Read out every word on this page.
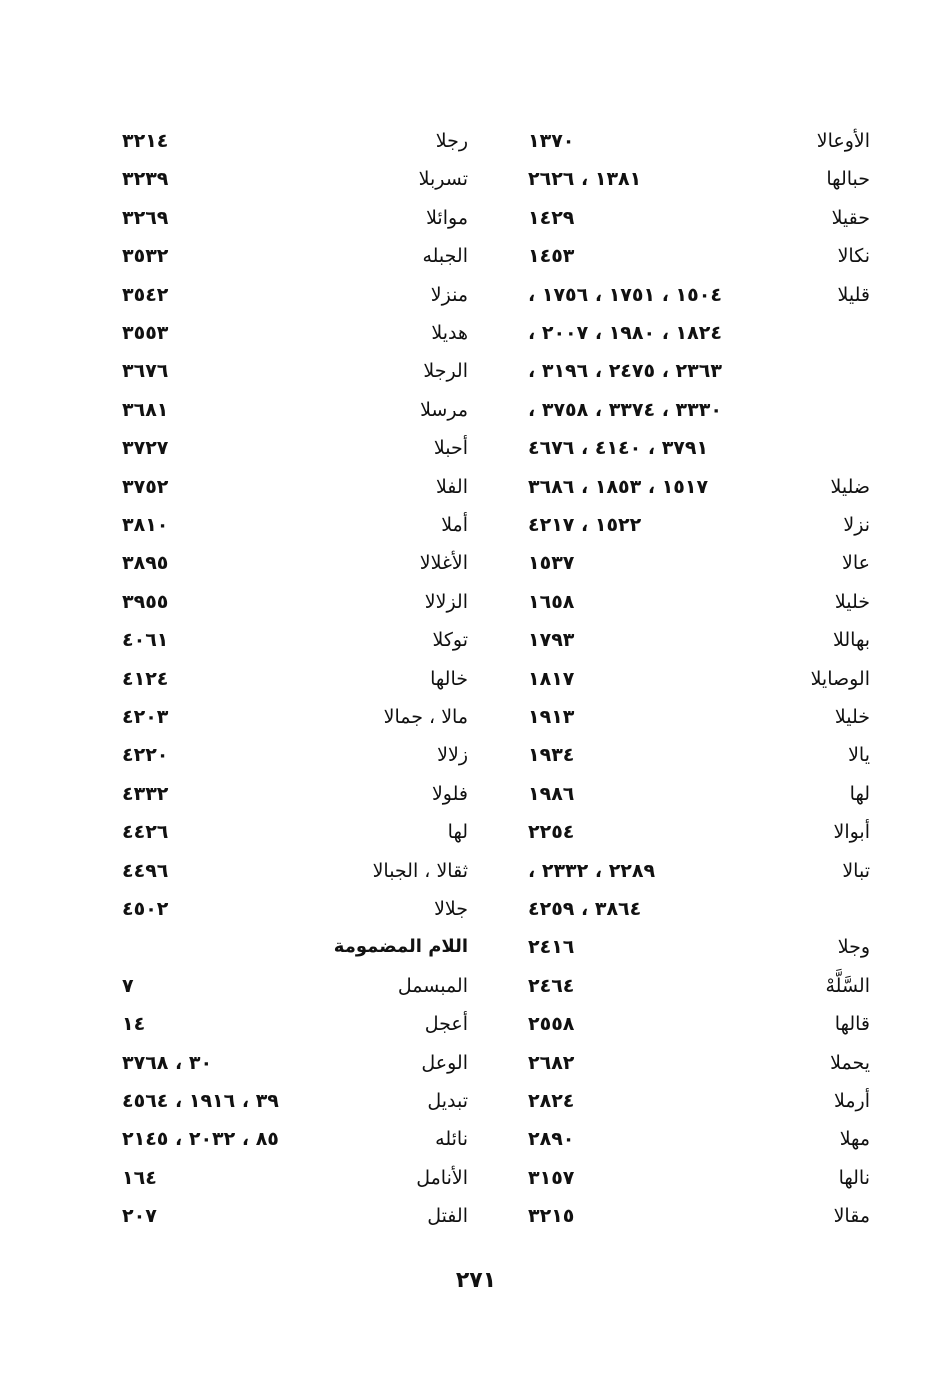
الأوعالا
١٣٧٠
رجلا
٣٢١٤
حبالها
١٣٨١ ، ٢٦٢٦
تسربلا
٣٢٣٩
حقيلا
١٤٢٩
موائلا
٣٢٦٩
نكالا
١٤٥٣
الجبله
٣٥٣٢
قليلا
١٥٠٤ ، ١٧٥١ ، ١٧٥٦ ،
منزلا
٣٥٤٢
١٨٢٤ ، ١٩٨٠ ، ٢٠٠٧ ،
هديلا
٣٥٥٣
٢٣٦٣ ، ٢٤٧٥ ، ٣١٩٦ ،
الرجلا
٣٦٧٦
٣٣٣٠ ، ٣٣٧٤ ، ٣٧٥٨ ،
مرسلا
٣٦٨١
٣٧٩١ ، ٤١٤٠ ، ٤٦٧٦
أحبلا
٣٧٢٧
ضليلا
١٥١٧ ، ١٨٥٣ ، ٣٦٨٦
الفلا
٣٧٥٢
نزلا
١٥٢٢ ، ٤٢١٧
أملا
٣٨١٠
عالا
١٥٣٧
الأغلالا
٣٨٩٥
خليلا
١٦٥٨
الزلالا
٣٩٥٥
بهاللا
١٧٩٣
توكلا
٤٠٦١
الوصايلا
١٨١٧
خالها
٤١٢٤
خليلا
١٩١٣
مالا ، جمالا
٤٢٠٣
يالا
١٩٣٤
زلالا
٤٢٢٠
لها
١٩٨٦
فلولا
٤٣٣٢
أبوالا
٢٢٥٤
لها
٤٤٢٦
تبالا
٢٢٨٩ ، ٢٣٣٢ ،
ثقالا ، الجبالا
٤٤٩٦
٣٨٦٤ ، ٤٢٥٩
جلالا
٤٥٠٢
وجلا
٢٤١٦
اللام المضمومة
السَّلَّهْ
٢٤٦٤
المبسمل
٧
قالها
٢٥٥٨
أعجل
١٤
يحملا
٢٦٨٢
الوعل
٣٠ ، ٣٧٦٨
أرملا
٢٨٢٤
تبديل
٣٩ ، ١٩١٦ ، ٤٥٦٤
مهلا
٢٨٩٠
نائله
٨٥ ، ٢٠٣٢ ، ٢١٤٥
نالها
٣١٥٧
الأنامل
١٦٤
مقالا
٣٢١٥
الفتل
٢٠٧
٢٧١
